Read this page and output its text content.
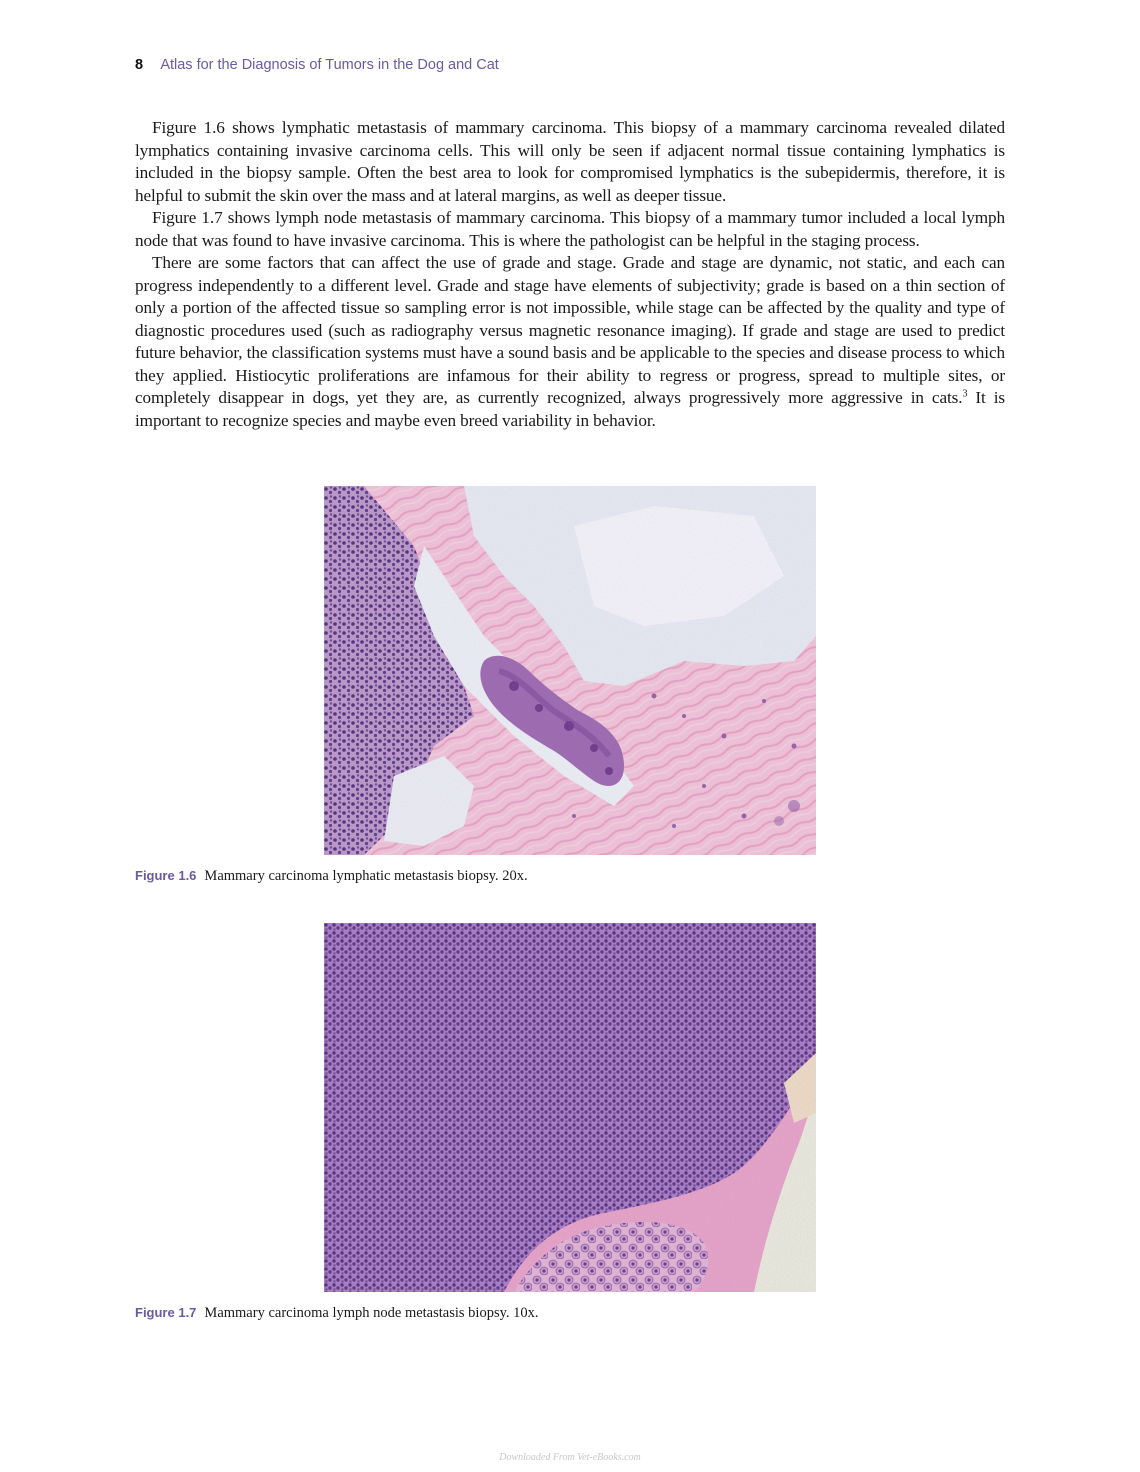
8 Atlas for the Diagnosis of Tumors in the Dog and Cat

Figure 1.6 shows lymphatic metastasis of mammary carcinoma. This biopsy of a mammary carcinoma revealed dilated lymphatics containing invasive carcinoma cells. This will only be seen if adjacent normal tissue containing lymphatics is included in the biopsy sample. Often the best area to look for compromised lymphatics is the subepidermis, therefore, it is helpful to submit the skin over the mass and at lateral margins, as well as deeper tissue.

Figure 1.7 shows lymph node metastasis of mammary carcinoma. This biopsy of a mammary tumor included a local lymph node that was found to have invasive carcinoma. This is where the pathologist can be helpful in the staging process.

There are some factors that can affect the use of grade and stage. Grade and stage are dynamic, not static, and each can progress independently to a different level. Grade and stage have elements of subjectivity; grade is based on a thin section of only a portion of the affected tissue so sampling error is not impossible, while stage can be affected by the quality and type of diagnostic procedures used (such as radiography versus magnetic resonance imaging). If grade and stage are used to predict future behavior, the classification systems must have a sound basis and be applicable to the species and disease process to which they applied. Histiocytic proliferations are infamous for their ability to regress or progress, spread to multiple sites, or completely disappear in dogs, yet they are, as currently recognized, always progressively more aggressive in cats.$^3$ It is important to recognize species and maybe even breed variability in behavior.

Figure 1.6 Mammary carcinoma lymphatic metastasis biopsy. 20x.
Figure 1.7 Mammary carcinoma lymph node metastasis biopsy. 10x.
Downloaded From Vet-eBooks.com
